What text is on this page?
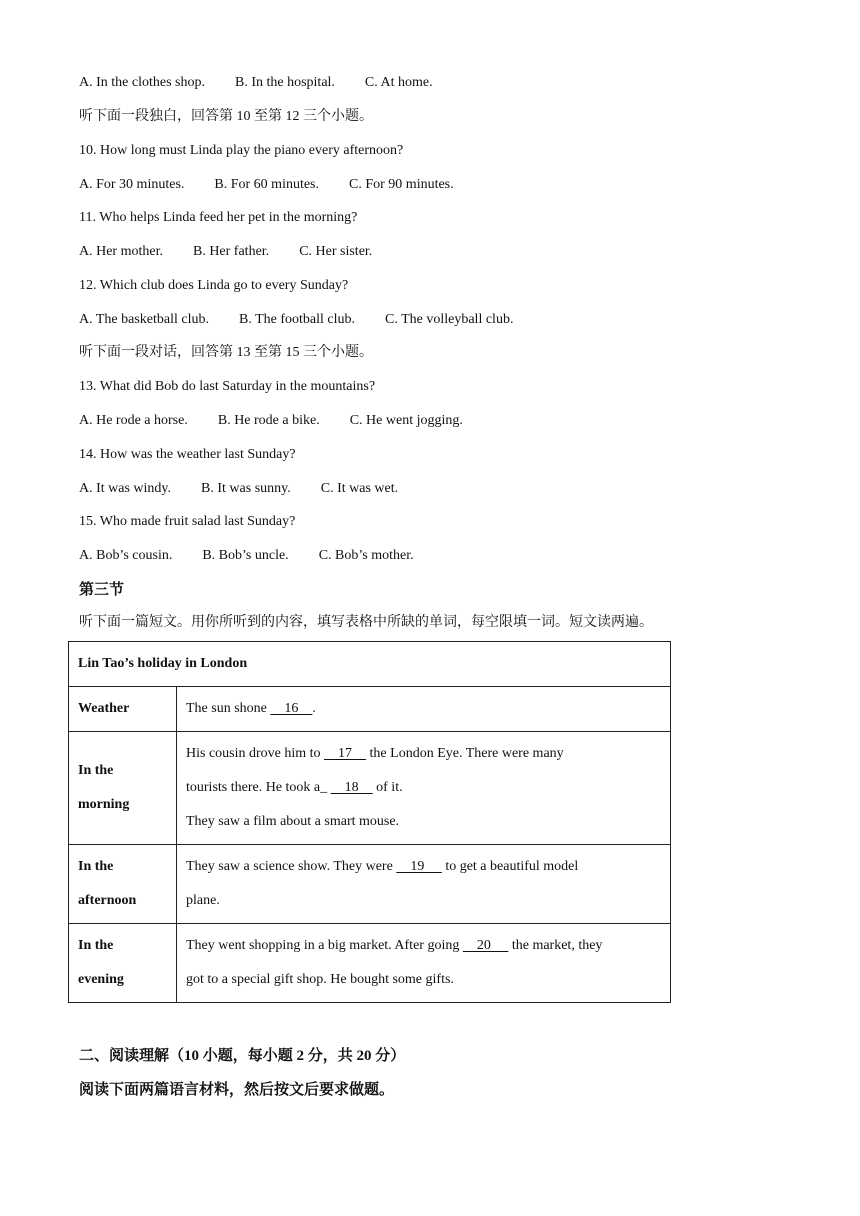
A. In the clothes shop. B. In the hospital. C. At home.
听下面一段独白，回答第 10 至第 12 三个小题。
10. How long must Linda play the piano every afternoon?
A. For 30 minutes. B. For 60 minutes. C. For 90 minutes.
11. Who helps Linda feed her pet in the morning?
A. Her mother. B. Her father. C. Her sister.
12. Which club does Linda go to every Sunday?
A. The basketball club. B. The football club. C. The volleyball club.
听下面一段对话，回答第 13 至第 15 三个小题。
13. What did Bob do last Saturday in the mountains?
A. He rode a horse. B. He rode a bike. C. He went jogging.
14. How was the weather last Sunday?
A. It was windy. B. It was sunny. C. It was wet.
15. Who made fruit salad last Sunday?
A. Bob’s cousin. B. Bob’s uncle. C. Bob’s mother.
第三节
听下面一篇短文。用你所听到的内容，填写表格中所缺的单词，每空限填一词。短文读两遍。
Lin Tao’s holiday in London	
Weather	The sun shone     16    .
In the
morning	His cousin drove him to     17     the London Eye. There were many
tourists there. He took a_     18     of it.
They saw a film about a smart mouse.
In the
afternoon	They saw a science show. They were     19      to get a beautiful model
plane.
In the
evening	They went shopping in a big market. After going     20      the market, they
got to a special gift shop. He bought some gifts.
二、阅读理解（10 小题，每小题 2 分，共 20 分）
阅读下面两篇语言材料，然后按文后要求做题。
